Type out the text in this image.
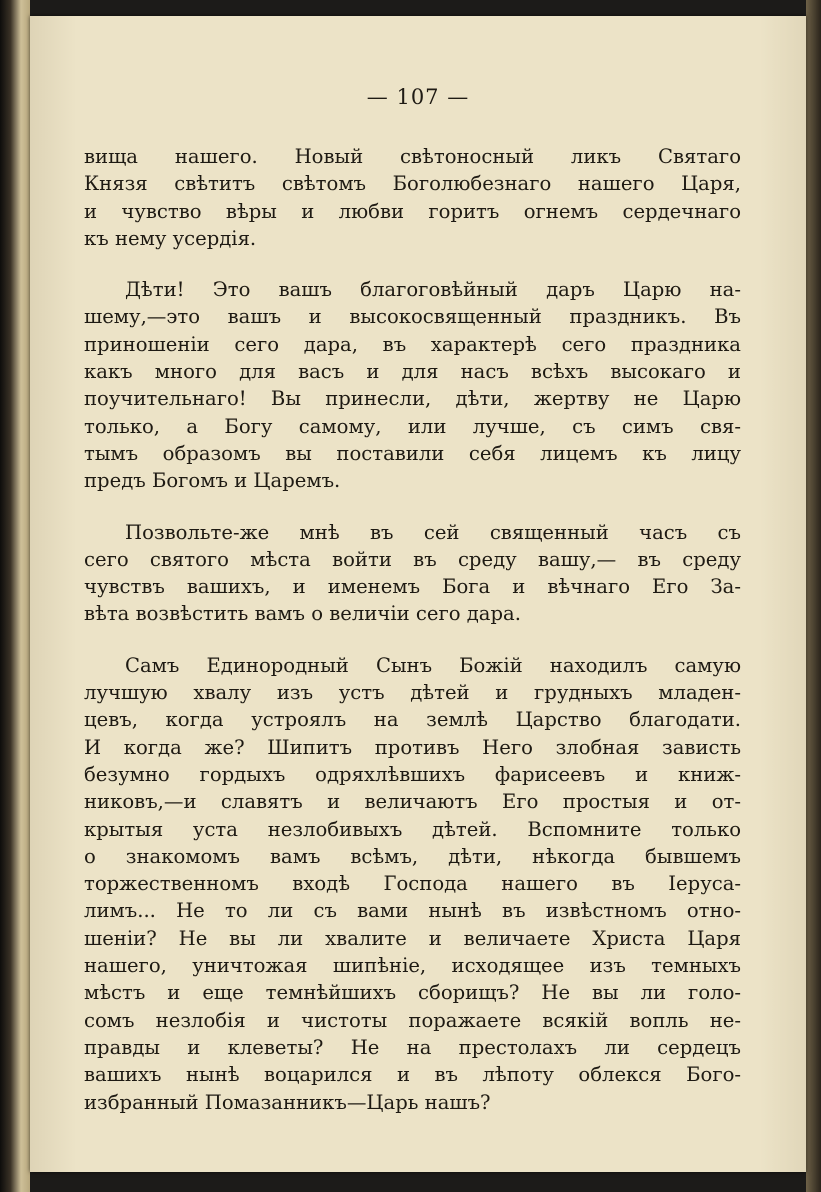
— 107 —
вища нашего. Новый свѣтоносный ликъ Святаго
Князя свѣтитъ свѣтомъ Боголюбезнаго нашего Царя,
и чувство вѣры и любви горитъ огнемъ сердечнаго
къ нему усердія.
Дѣти! Это вашъ благоговѣйный даръ Царю на-
шему,—это вашъ и высокосвященный праздникъ. Въ
приношеніи сего дара, въ характерѣ сего праздника
какъ много для васъ и для насъ всѣхъ высокаго и
поучительнаго! Вы принесли, дѣти, жертву не Царю
только, а Богу самому, или лучше, съ симъ свя-
тымъ образомъ вы поставили себя лицемъ къ лицу
предъ Богомъ и Царемъ.
Позвольте-же мнѣ въ сей священный часъ съ
сего святого мѣста войти въ среду вашу,— въ среду
чувствъ вашихъ, и именемъ Бога и вѣчнаго Его За-
вѣта возвѣстить вамъ о величіи сего дара.
Самъ Единородный Сынъ Божій находилъ самую
лучшую хвалу изъ устъ дѣтей и грудныхъ младен-
цевъ, когда устроялъ на землѣ Царство благодати.
И когда же? Шипитъ противъ Него злобная зависть
безумно гордыхъ одряхлѣвшихъ фарисеевъ и книж-
никовъ,—и славятъ и величаютъ Его простыя и от-
крытыя уста незлобивыхъ дѣтей. Вспомните только
о знакомомъ вамъ всѣмъ, дѣти, нѣкогда бывшемъ
торжественномъ входѣ Господа нашего въ Іеруса-
лимъ... Не то ли съ вами нынѣ въ извѣстномъ отно-
шеніи? Не вы ли хвалите и величаете Христа Царя
нашего, уничтожая шипѣніе, исходящее изъ темныхъ
мѣстъ и еще темнѣйшихъ сборищъ? Не вы ли голо-
сомъ незлобія и чистоты поражаете всякій вопль не-
правды и клеветы? Не на престолахъ ли сердецъ
вашихъ нынѣ воцарился и въ лѣпоту облекся Бого-
избранный Помазанникъ—Царь нашъ?
